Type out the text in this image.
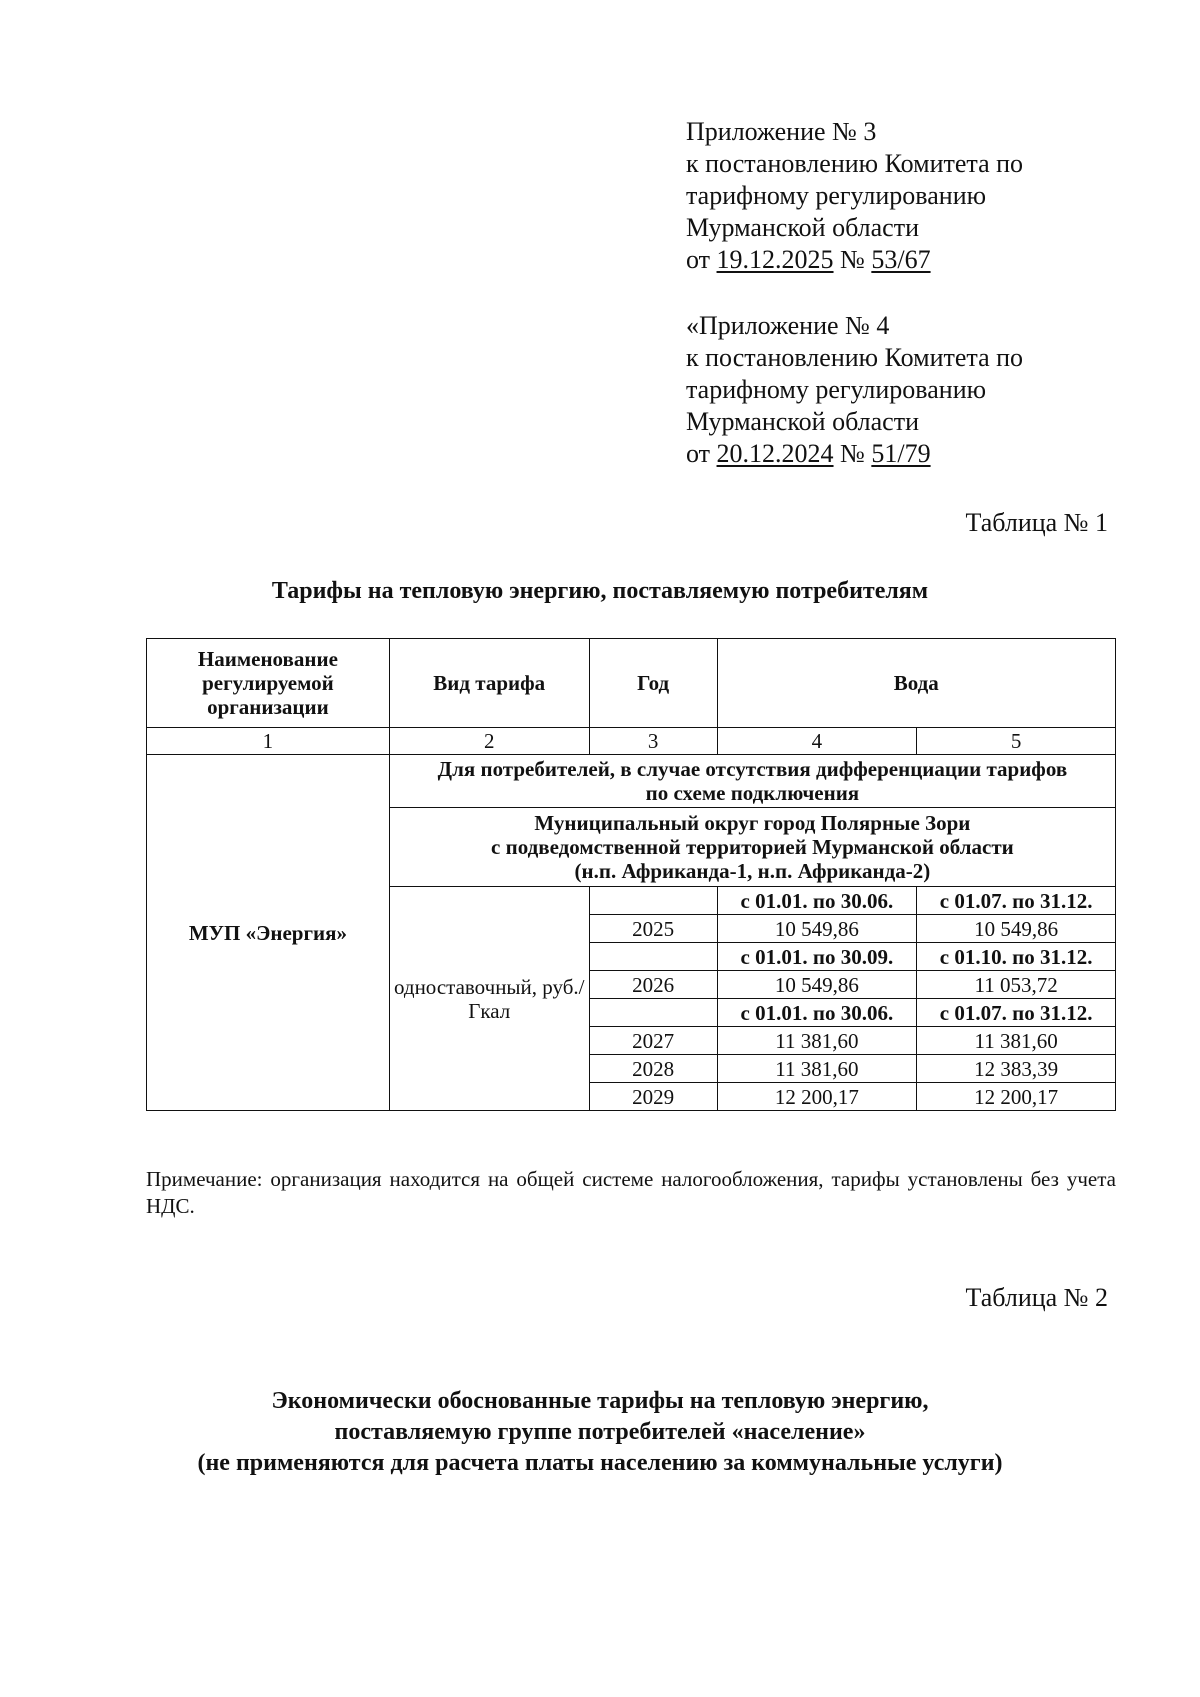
Приложение № 3
к постановлению Комитета по
тарифному регулированию
Мурманской области
от 19.12.2025 № 53/67
«Приложение № 4
к постановлению Комитета по
тарифному регулированию
Мурманской области
от 20.12.2024 № 51/79
Таблица № 1
Тарифы на тепловую энергию, поставляемую потребителям
Наименование регулируемой организации	Вид тарифа	Год	Вода	
1	2	3	4	5
МУП «Энергия»	Для потребителей, в случае отсутствия дифференциации тарифов по схеме подключения			

	Муниципальный округ город Полярные Зори
с подведомственной территорией Мурманской области
(н.п. Африканда-1, н.п. Африканда-2)			

	одноставочный, руб./Гкал		с 01.01. по 30.06.	с 01.07. по 31.12.
		2025	10 549,86	10 549,86
			с 01.01. по 30.09.	с 01.10. по 31.12.
		2026	10 549,86	11 053,72
			с 01.01. по 30.06.	с 01.07. по 31.12.
		2027	11 381,60	11 381,60
		2028	11 381,60	12 383,39
		2029	12 200,17	12 200,17
Примечание: организация находится на общей системе налогообложения, тарифы установлены без учета НДС.
Таблица № 2
Экономически обоснованные тарифы на тепловую энергию,
поставляемую группе потребителей «население»
(не применяются для расчета платы населению за коммунальные услуги)
